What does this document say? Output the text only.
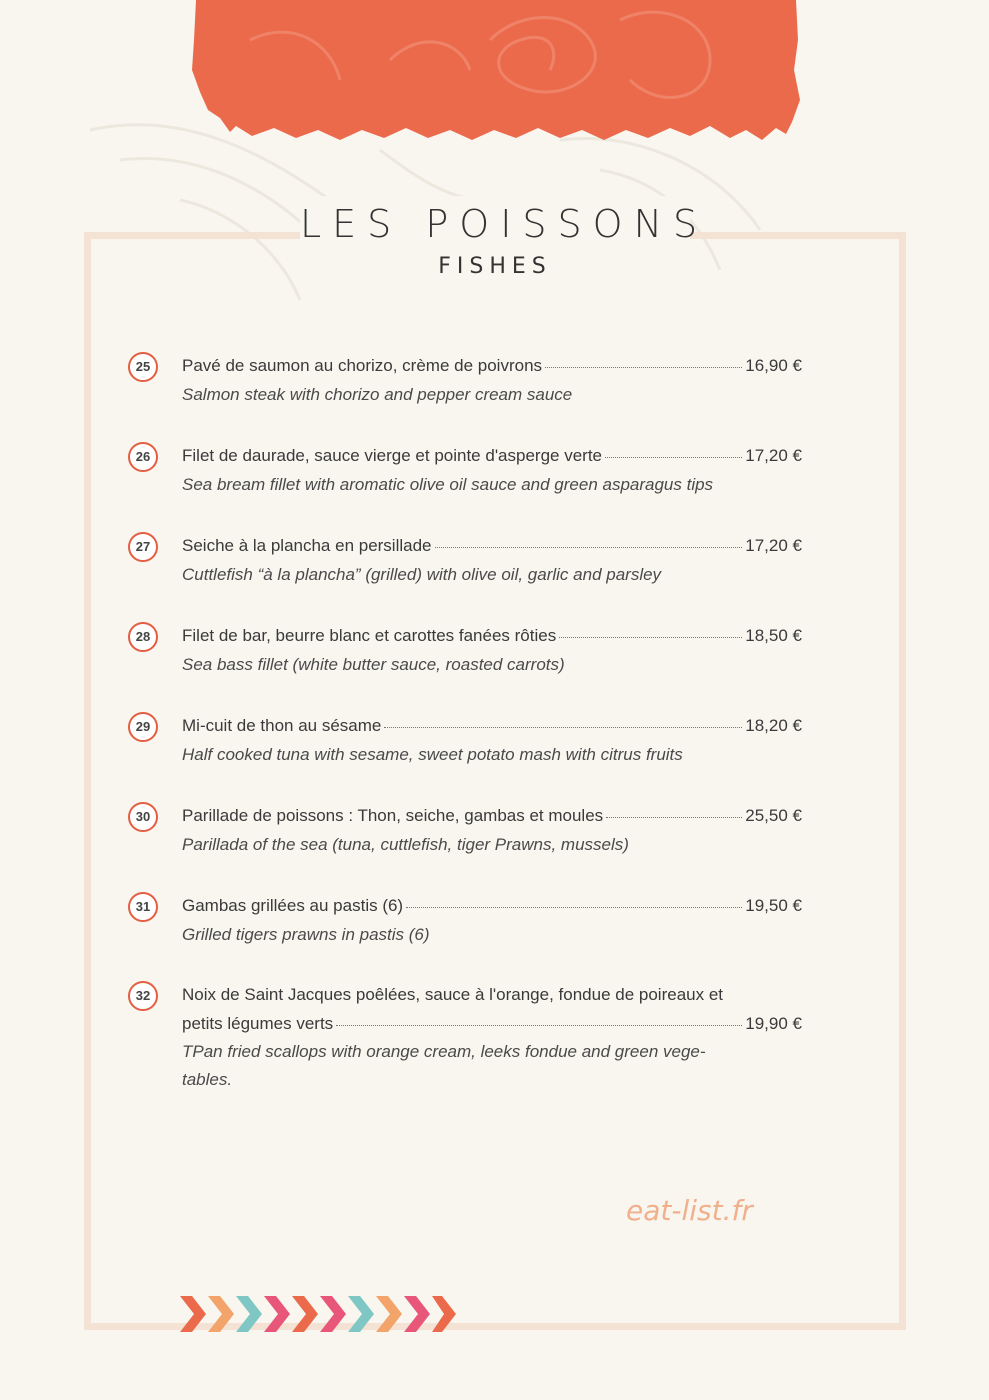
LES POISSONS
FISHES
25	Pavé de saumon au chorizo, crème de poivrons	16,90 €
Salmon steak with chorizo and pepper cream sauce
26	Filet de daurade, sauce vierge et pointe d'asperge verte	17,20 €
Sea bream fillet with aromatic olive oil sauce and green asparagus tips
27	Seiche à la plancha en persillade	17,20 €
Cuttlefish “à la plancha” (grilled) with olive oil, garlic and parsley
28	Filet de bar, beurre blanc et carottes fanées rôties	18,50 €
Sea bass fillet (white butter sauce, roasted carrots)
29	Mi-cuit de thon au sésame	18,20 €
Half cooked tuna with sesame, sweet potato mash with citrus fruits
30	Parillade de poissons : Thon, seiche, gambas et moules	25,50 €
Parillada of the sea (tuna, cuttlefish, tiger Prawns, mussels)
31	Gambas grillées au pastis (6)	19,50 €
Grilled tigers prawns in pastis (6)
32	Noix de Saint Jacques poêlées, sauce à l'orange, fondue de poireaux et
petits légumes verts	19,90 €
TPan fried scallops with orange cream, leeks fondue and green vege-
tables.
eat-list.fr
